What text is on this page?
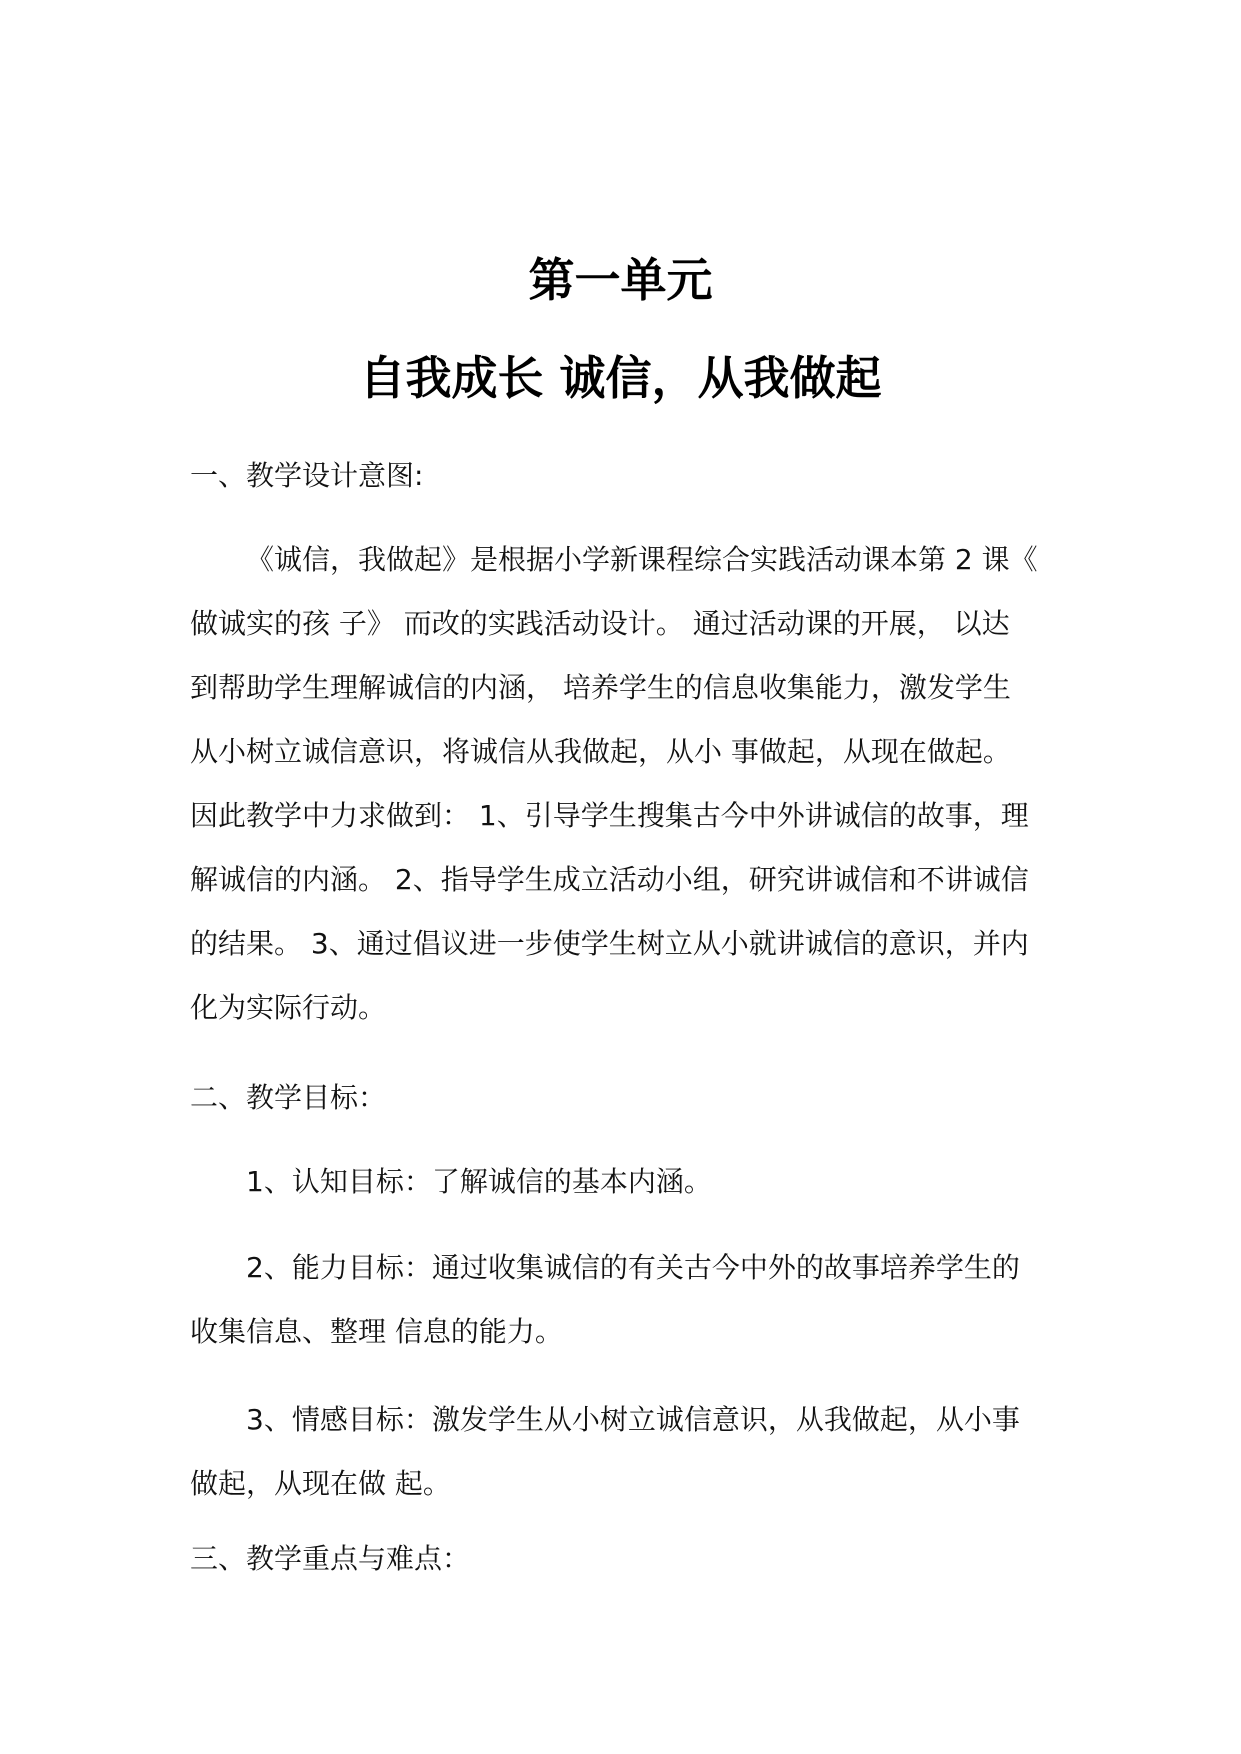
第一单元
自我成长 诚信，从我做起
一、教学设计意图:
《诚信，我做起》是根据小学新课程综合实践活动课本第 2 课《
做诚实的孩 子》 而改的实践活动设计。 通过活动课的开展， 以达
到帮助学生理解诚信的内涵， 培养学生的信息收集能力，激发学生
从小树立诚信意识，将诚信从我做起，从小 事做起，从现在做起。
因此教学中力求做到： 1、引导学生搜集古今中外讲诚信的故事，理
解诚信的内涵。 2、指导学生成立活动小组，研究讲诚信和不讲诚信
的结果。 3、通过倡议进一步使学生树立从小就讲诚信的意识，并内
化为实际行动。
二、教学目标：
1、认知目标：了解诚信的基本内涵。
2、能力目标：通过收集诚信的有关古今中外的故事培养学生的
收集信息、整理 信息的能力。
3、情感目标：激发学生从小树立诚信意识，从我做起，从小事
做起，从现在做 起。
三、教学重点与难点：
